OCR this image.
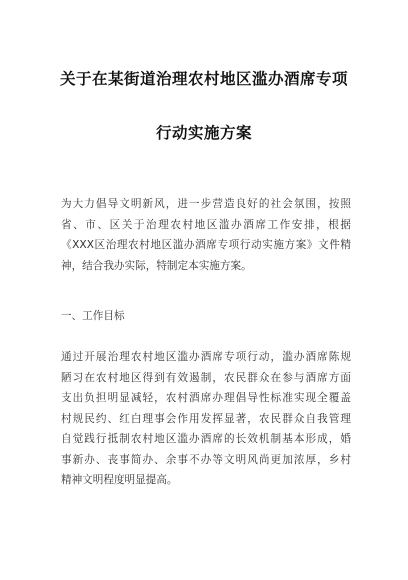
关于在某街道治理农村地区滥办酒席专项
行动实施方案
为大力倡导文明新风，进一步营造良好的社会氛围，按照
省、市、区关于治理农村地区滥办酒席工作安排，根据
《XXX区治理农村地区滥办酒席专项行动实施方案》文件精
神，结合我办实际，特制定本实施方案。
一、工作目标
通过开展治理农村地区滥办酒席专项行动，滥办酒席陈规
陋习在农村地区得到有效遏制，农民群众在参与酒席方面
支出负担明显减轻，农村酒席办理倡导性标准实现全覆盖
村规民约、红白理事会作用发挥显著，农民群众自我管理
自觉践行抵制农村地区滥办酒席的长效机制基本形成，婚
事新办、丧事简办、余事不办等文明风尚更加浓厚，乡村
精神文明程度明显提高。
